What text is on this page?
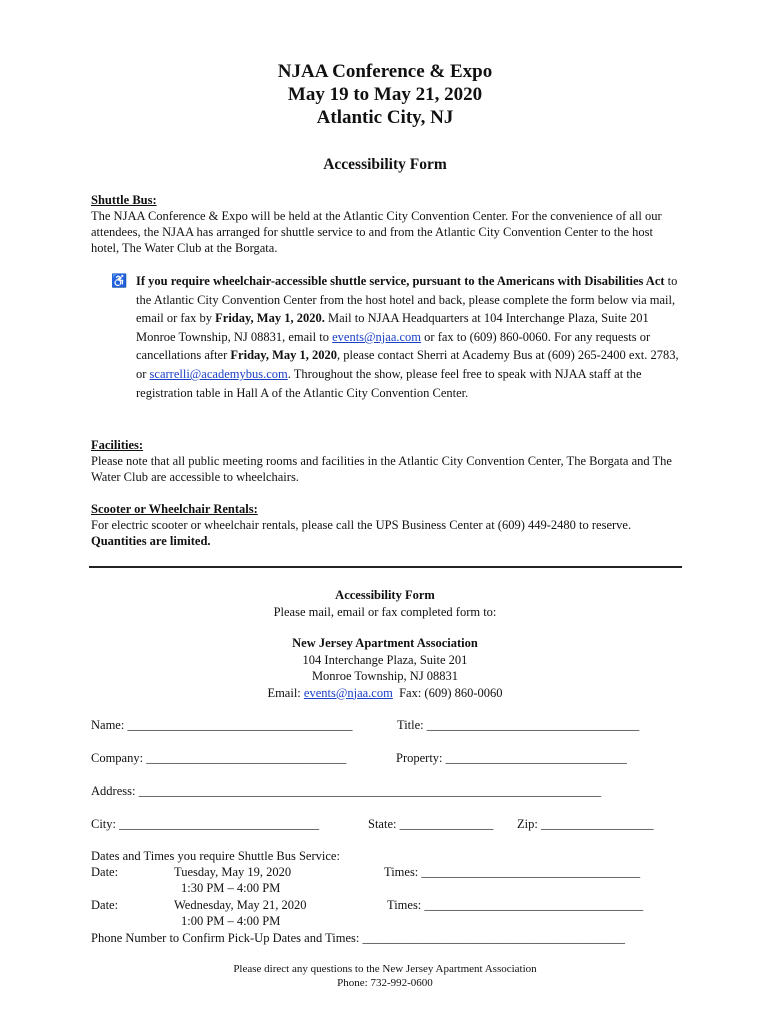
NJAA Conference & Expo
May 19 to May 21, 2020
Atlantic City, NJ
Accessibility Form
Shuttle Bus:
The NJAA Conference & Expo will be held at the Atlantic City Convention Center. For the convenience of all our attendees, the NJAA has arranged for shuttle service to and from the Atlantic City Convention Center to the host hotel, The Water Club at the Borgata.
♿ If you require wheelchair-accessible shuttle service, pursuant to the Americans with Disabilities Act to the Atlantic City Convention Center from the host hotel and back, please complete the form below via mail, email or fax by Friday, May 1, 2020. Mail to NJAA Headquarters at 104 Interchange Plaza, Suite 201 Monroe Township, NJ 08831, email to events@njaa.com or fax to (609) 860-0060. For any requests or cancellations after Friday, May 1, 2020, please contact Sherri at Academy Bus at (609) 265-2400 ext. 2783, or scarrelli@academybus.com. Throughout the show, please feel free to speak with NJAA staff at the registration table in Hall A of the Atlantic City Convention Center.
Facilities:
Please note that all public meeting rooms and facilities in the Atlantic City Convention Center, The Borgata and The Water Club are accessible to wheelchairs.
Scooter or Wheelchair Rentals:
For electric scooter or wheelchair rentals, please call the UPS Business Center at (609) 449-2480 to reserve. Quantities are limited.
Accessibility Form
Please mail, email or fax completed form to:
New Jersey Apartment Association
104 Interchange Plaza, Suite 201
Monroe Township, NJ 08831
Email: events@njaa.com  Fax: (609) 860-0060
Name: ____________________________________	Title: __________________________________
Company: ________________________________	Property: _____________________________
Address: __________________________________________________________________________
City: ________________________________	State: _______________ Zip: __________________
Dates and Times you require Shuttle Bus Service:
Date:	Tuesday, May 19, 2020	Times: ___________________________________
1:30 PM – 4:00 PM
Date:	Wednesday, May 21, 2020	Times: ___________________________________
1:00 PM – 4:00 PM
Phone Number to Confirm Pick-Up Dates and Times: __________________________________________
Please direct any questions to the New Jersey Apartment Association
Phone: 732-992-0600
